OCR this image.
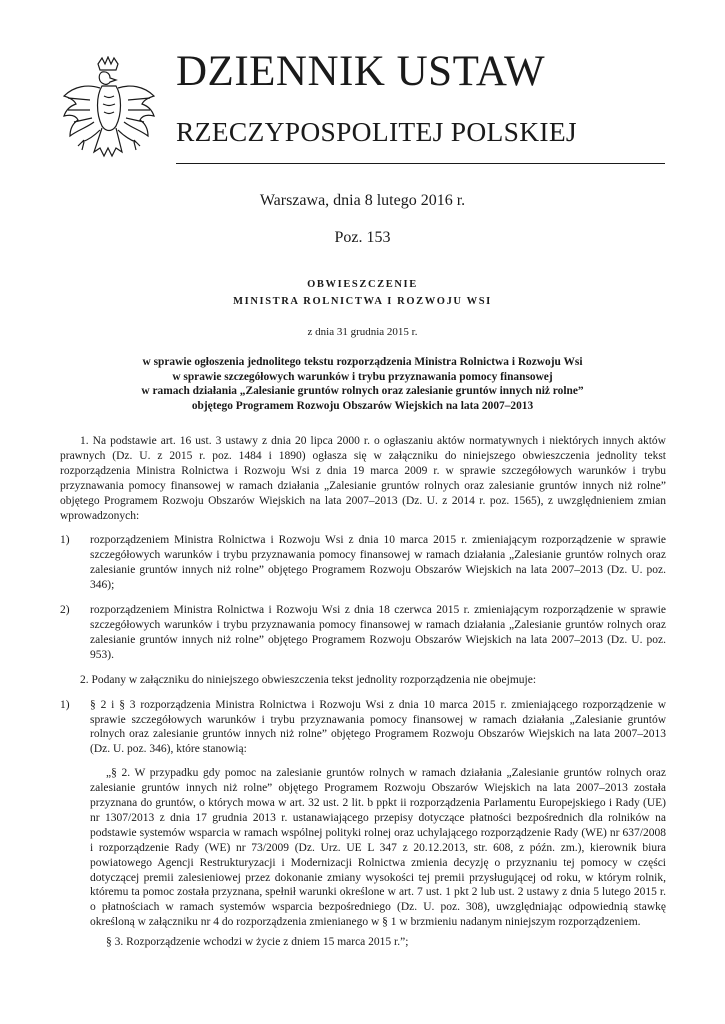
DZIENNIK USTAW
RZECZYPOSPOLITEJ POLSKIEJ
Warszawa, dnia 8 lutego 2016 r.
Poz. 153
OBWIESZCZENIE
MINISTRA ROLNICTWA I ROZWOJU WSI
z dnia 31 grudnia 2015 r.
w sprawie ogłoszenia jednolitego tekstu rozporządzenia Ministra Rolnictwa i Rozwoju Wsi
w sprawie szczegółowych warunków i trybu przyznawania pomocy finansowej
w ramach działania „Zalesianie gruntów rolnych oraz zalesianie gruntów innych niż rolne”
objętego Programem Rozwoju Obszarów Wiejskich na lata 2007–2013

1. Na podstawie art. 16 ust. 3 ustawy z dnia 20 lipca 2000 r. o ogłaszaniu aktów normatywnych i niektórych innych aktów prawnych (Dz. U. z 2015 r. poz. 1484 i 1890) ogłasza się w załączniku do niniejszego obwieszczenia jednolity tekst rozporządzenia Ministra Rolnictwa i Rozwoju Wsi z dnia 19 marca 2009 r. w sprawie szczegółowych warunków i trybu przyznawania pomocy finansowej w ramach działania „Zalesianie gruntów rolnych oraz zalesianie gruntów innych niż rolne” objętego Programem Rozwoju Obszarów Wiejskich na lata 2007–2013 (Dz. U. z 2014 r. poz. 1565), z uwzględnieniem zmian wprowadzonych:

1) rozporządzeniem Ministra Rolnictwa i Rozwoju Wsi z dnia 10 marca 2015 r. zmieniającym rozporządzenie w sprawie szczegółowych warunków i trybu przyznawania pomocy finansowej w ramach działania „Zalesianie gruntów rolnych oraz zalesianie gruntów innych niż rolne” objętego Programem Rozwoju Obszarów Wiejskich na lata 2007–2013 (Dz. U. poz. 346);
2) rozporządzeniem Ministra Rolnictwa i Rozwoju Wsi z dnia 18 czerwca 2015 r. zmieniającym rozporządzenie w sprawie szczegółowych warunków i trybu przyznawania pomocy finansowej w ramach działania „Zalesianie gruntów rolnych oraz zalesianie gruntów innych niż rolne” objętego Programem Rozwoju Obszarów Wiejskich na lata 2007–2013 (Dz. U. poz. 953).

2. Podany w załączniku do niniejszego obwieszczenia tekst jednolity rozporządzenia nie obejmuje:

1) § 2 i § 3 rozporządzenia Ministra Rolnictwa i Rozwoju Wsi z dnia 10 marca 2015 r. zmieniającego rozporządzenie w sprawie szczegółowych warunków i trybu przyznawania pomocy finansowej w ramach działania „Zalesianie gruntów rolnych oraz zalesianie gruntów innych niż rolne” objętego Programem Rozwoju Obszarów Wiejskich na lata 2007–2013 (Dz. U. poz. 346), które stanowią:

„§ 2. W przypadku gdy pomoc na zalesianie gruntów rolnych w ramach działania „Zalesianie gruntów rolnych oraz zalesianie gruntów innych niż rolne” objętego Programem Rozwoju Obszarów Wiejskich na lata 2007–2013 została przyznana do gruntów, o których mowa w art. 32 ust. 2 lit. b ppkt ii rozporządzenia Parlamentu Europejskiego i Rady (UE) nr 1307/2013 z dnia 17 grudnia 2013 r. ustanawiającego przepisy dotyczące płatności bezpośrednich dla rolników na podstawie systemów wsparcia w ramach wspólnej polityki rolnej oraz uchylającego rozporządzenie Rady (WE) nr 637/2008 i rozporządzenie Rady (WE) nr 73/2009 (Dz. Urz. UE L 347 z 20.12.2013, str. 608, z późn. zm.), kierownik biura powiatowego Agencji Restrukturyzacji i Modernizacji Rolnictwa zmienia decyzję o przyznaniu tej pomocy w części dotyczącej premii zalesieniowej przez dokonanie zmiany wysokości tej premii przysługującej od roku, w którym rolnik, któremu ta pomoc została przyznana, spełnił warunki określone w art. 7 ust. 1 pkt 2 lub ust. 2 ustawy z dnia 5 lutego 2015 r. o płatnościach w ramach systemów wsparcia bezpośredniego (Dz. U. poz. 308), uwzględniając odpowiednią stawkę określoną w załączniku nr 4 do rozporządzenia zmienianego w § 1 w brzmieniu nadanym niniejszym rozporządzeniem.

§ 3. Rozporządzenie wchodzi w życie z dniem 15 marca 2015 r.”;
